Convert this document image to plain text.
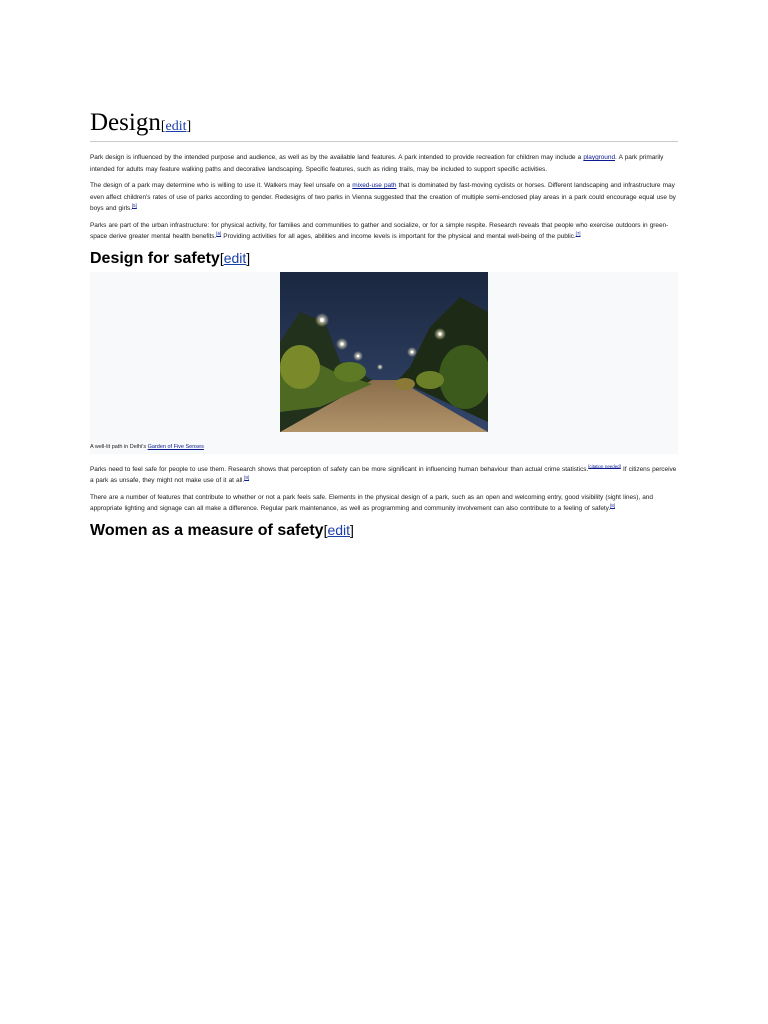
Design[edit]

Park design is influenced by the intended purpose and audience, as well as by the available land features. A park intended to provide recreation for children may include a playground. A park primarily intended for adults may feature walking paths and decorative landscaping. Specific features, such as riding trails, may be included to support specific activities.

The design of a park may determine who is willing to use it. Walkers may feel unsafe on a mixed-use path that is dominated by fast-moving cyclists or horses. Different landscaping and infrastructure may even affect children's rates of use of parks according to gender. Redesigns of two parks in Vienna suggested that the creation of multiple semi-enclosed play areas in a park could encourage equal use by boys and girls.[5]

Parks are part of the urban infrastructure: for physical activity, for families and communities to gather and socialize, or for a simple respite. Research reveals that people who exercise outdoors in green-space derive greater mental health benefits.[6] Providing activities for all ages, abilities and income levels is important for the physical and mental well-being of the public.[7]

Design for safety[edit]
A well-lit path in Delhi's Garden of Five Senses

Parks need to feel safe for people to use them. Research shows that perception of safety can be more significant in influencing human behaviour than actual crime statistics.[citation needed] If citizens perceive a park as unsafe, they might not make use of it at all.[8]

There are a number of features that contribute to whether or not a park feels safe. Elements in the physical design of a park, such as an open and welcoming entry, good visibility (sight lines), and appropriate lighting and signage can all make a difference. Regular park maintenance, as well as programming and community involvement can also contribute to a feeling of safety.[8]

Women as a measure of safety[edit]
